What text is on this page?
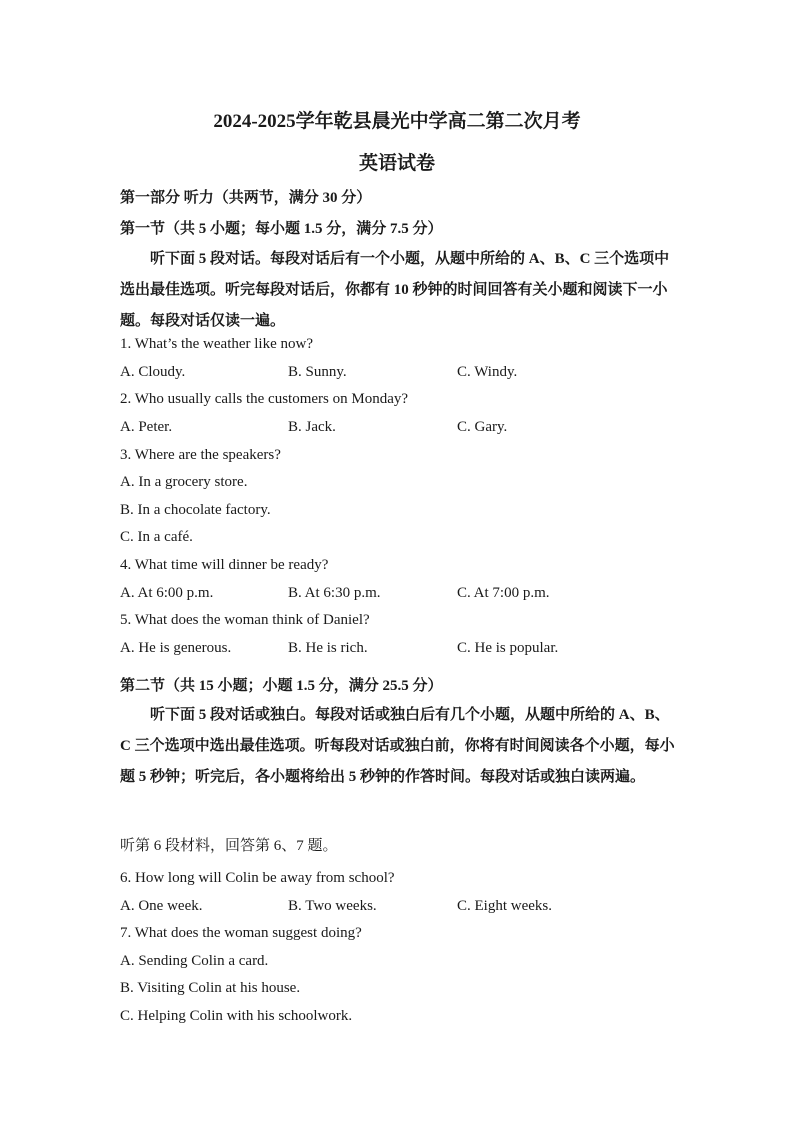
2024-2025学年乾县晨光中学高二第二次月考
英语试卷
第一部分 听力（共两节，满分 30 分）
第一节（共 5 小题；每小题 1.5 分，满分 7.5 分）
听下面 5 段对话。每段对话后有一个小题，从题中所给的 A、B、C 三个选项中选出最佳选项。听完每段对话后，你都有 10 秒钟的时间回答有关小题和阅读下一小题。每段对话仅读一遍。
1. What’s the weather like now?
A. Cloudy.	B. Sunny.	C. Windy.
2. Who usually calls the customers on Monday?
A. Peter.	B. Jack.	C. Gary.
3. Where are the speakers?
A. In a grocery store.
B. In a chocolate factory.
C. In a café.
4. What time will dinner be ready?
A. At 6:00 p.m.	B. At 6:30 p.m.	C. At 7:00 p.m.
5. What does the woman think of Daniel?
A. He is generous.	B. He is rich.	C. He is popular.
第二节（共 15 小题；小题 1.5 分，满分 25.5 分）
听下面 5 段对话或独白。每段对话或独白后有几个小题，从题中所给的 A、B、C 三个选项中选出最佳选项。听每段对话或独白前，你将有时间阅读各个小题，每小题 5 秒钟；听完后，各小题将给出 5 秒钟的作答时间。每段对话或独白读两遍。
听第 6 段材料，回答第 6、7 题。
6. How long will Colin be away from school?
A. One week.	B. Two weeks.	C. Eight weeks.
7. What does the woman suggest doing?
A. Sending Colin a card.
B. Visiting Colin at his house.
C. Helping Colin with his schoolwork.
